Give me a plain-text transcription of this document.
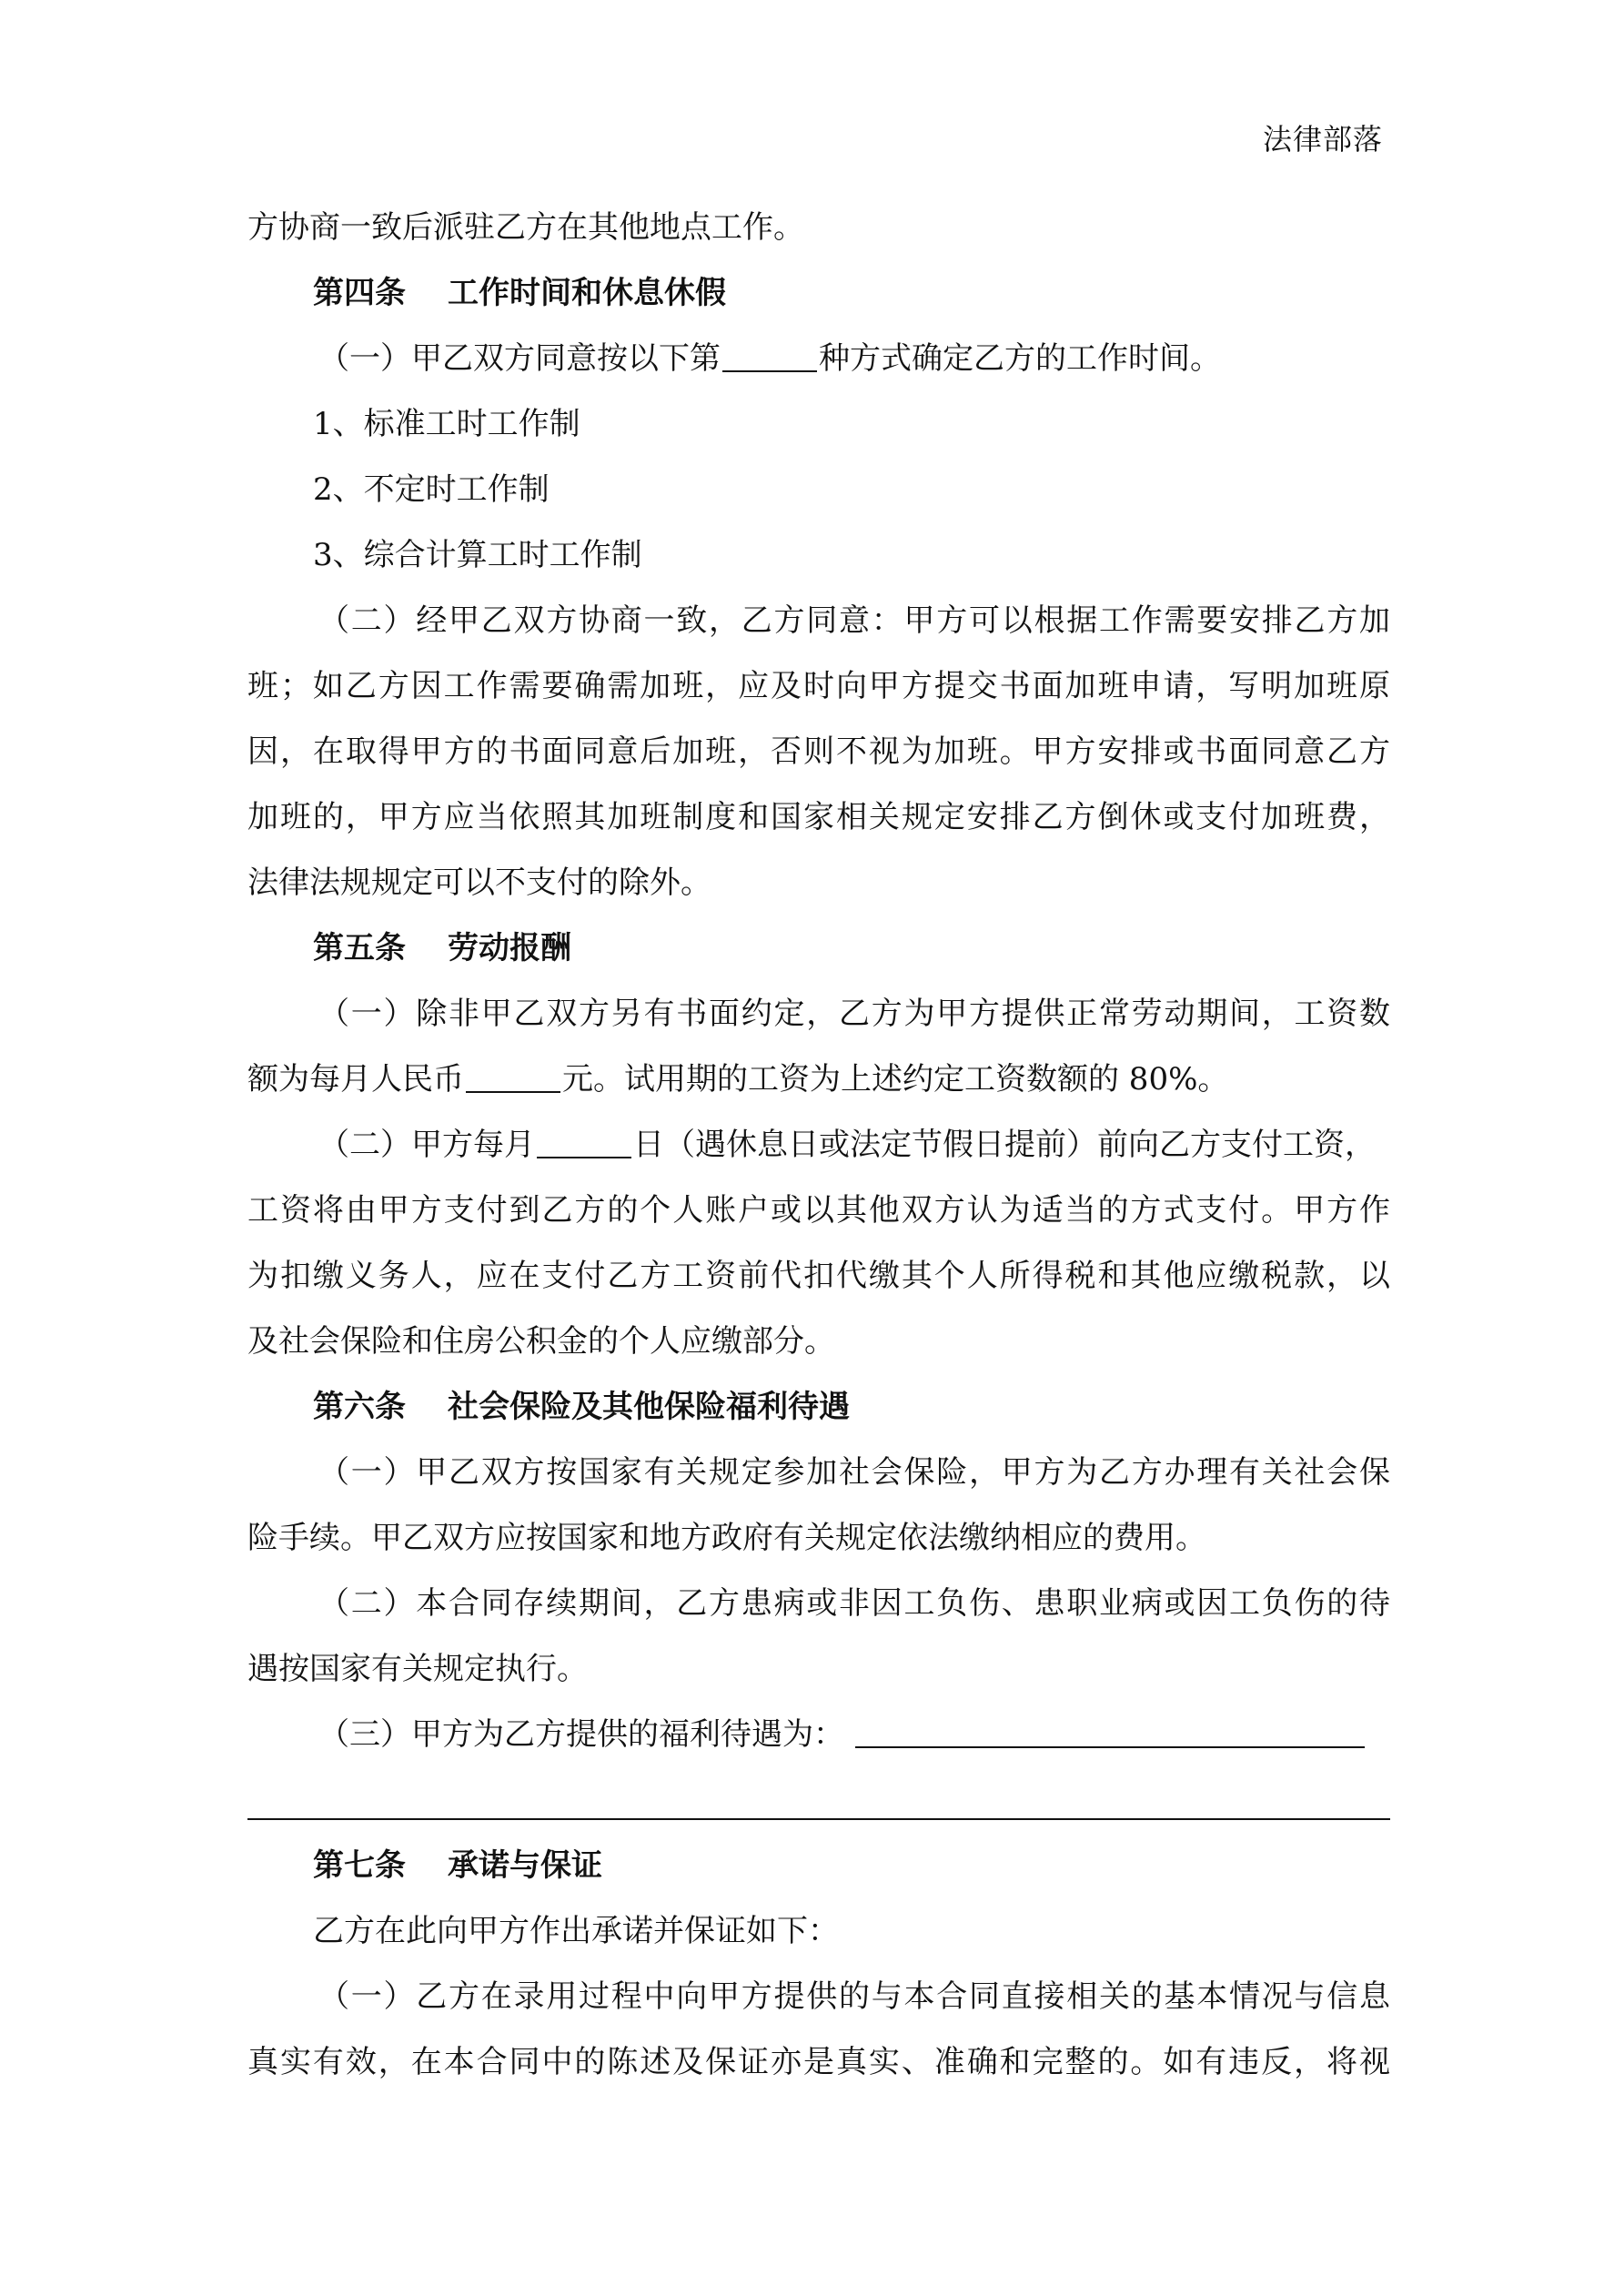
法律部落
方协商一致后派驻乙方在其他地点工作。
第四条 工作时间和休息休假
（一）甲乙双方同意按以下第	种方式确定乙方的工作时间。
1、标准工时工作制
2、不定时工作制
3、综合计算工时工作制
（二）经甲乙双方协商一致，乙方同意：甲方可以根据工作需要安排乙方加
班；如乙方因工作需要确需加班，应及时向甲方提交书面加班申请，写明加班原
因，在取得甲方的书面同意后加班，否则不视为加班。甲方安排或书面同意乙方
加班的，甲方应当依照其加班制度和国家相关规定安排乙方倒休或支付加班费，
法律法规规定可以不支付的除外。
第五条 劳动报酬
（一）除非甲乙双方另有书面约定，乙方为甲方提供正常劳动期间，工资数
额为每月人民币	元。试用期的工资为上述约定工资数额的 80%。
（二）甲方每月	日（遇休息日或法定节假日提前）前向乙方支付工资，
工资将由甲方支付到乙方的个人账户或以其他双方认为适当的方式支付。甲方作
为扣缴义务人，应在支付乙方工资前代扣代缴其个人所得税和其他应缴税款，以
及社会保险和住房公积金的个人应缴部分。
第六条 社会保险及其他保险福利待遇
（一）甲乙双方按国家有关规定参加社会保险，甲方为乙方办理有关社会保
险手续。甲乙双方应按国家和地方政府有关规定依法缴纳相应的费用。
（二）本合同存续期间，乙方患病或非因工负伤、患职业病或因工负伤的待
遇按国家有关规定执行。
（三）甲方为乙方提供的福利待遇为：
第七条 承诺与保证
乙方在此向甲方作出承诺并保证如下：
（一）乙方在录用过程中向甲方提供的与本合同直接相关的基本情况与信息
真实有效，在本合同中的陈述及保证亦是真实、准确和完整的。如有违反，将视
